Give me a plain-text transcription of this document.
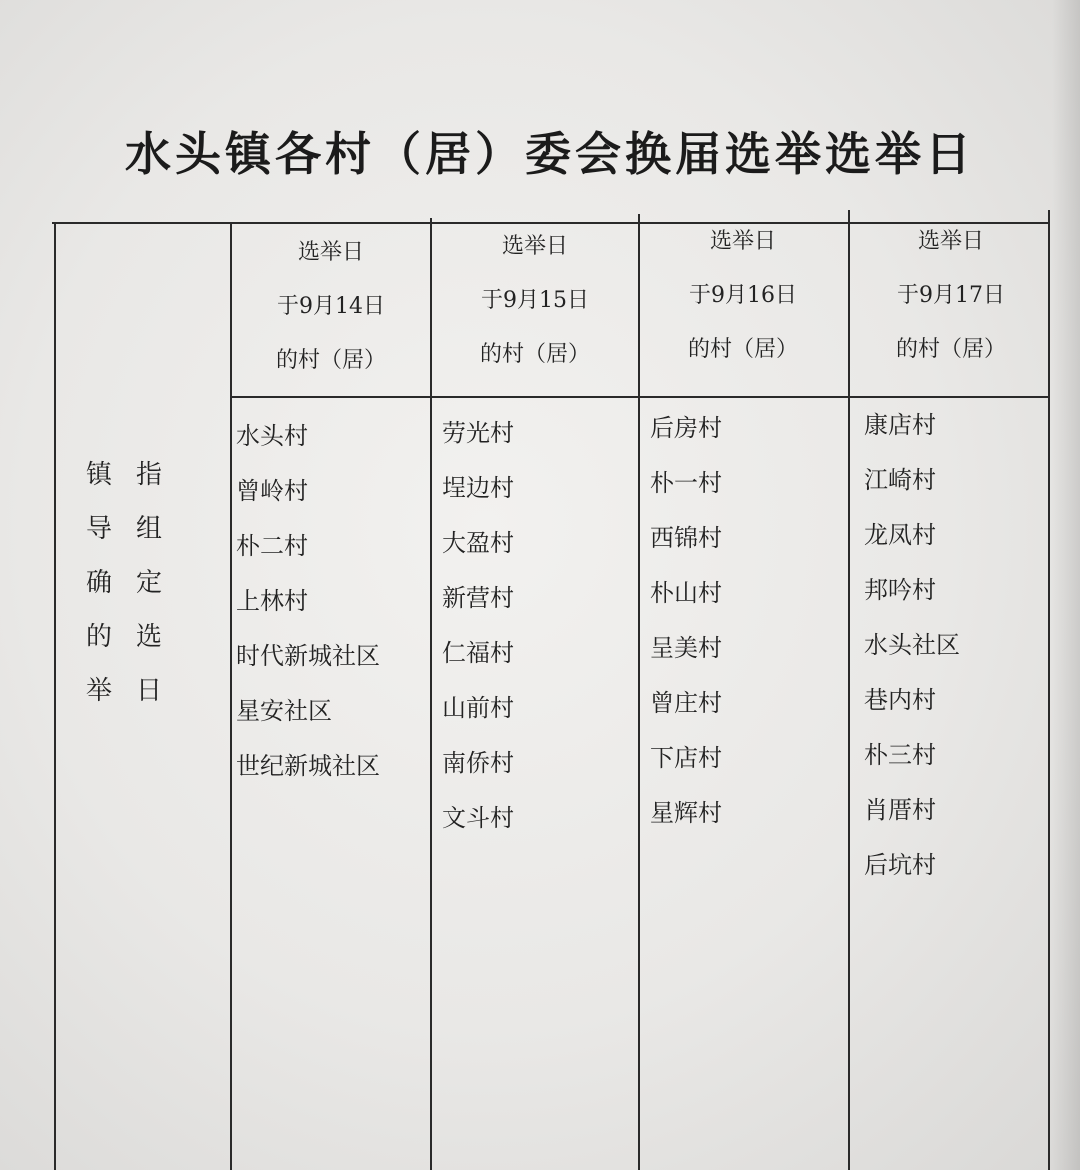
水头镇各村（居）委会换届选举选举日
镇 指
导 组
确 定
的 选
举 日
选举日
于9月14日
的村（居）
选举日
于9月15日
的村（居）
选举日
于9月16日
的村（居）
选举日
于9月17日
的村（居）
水头村
曾岭村
朴二村
上林村
时代新城社区
星安社区
世纪新城社区
劳光村
埕边村
大盈村
新营村
仁福村
山前村
南侨村
文斗村
后房村
朴一村
西锦村
朴山村
呈美村
曾庄村
下店村
星辉村
康店村
江崎村
龙凤村
邦吟村
水头社区
巷内村
朴三村
肖厝村
后坑村
